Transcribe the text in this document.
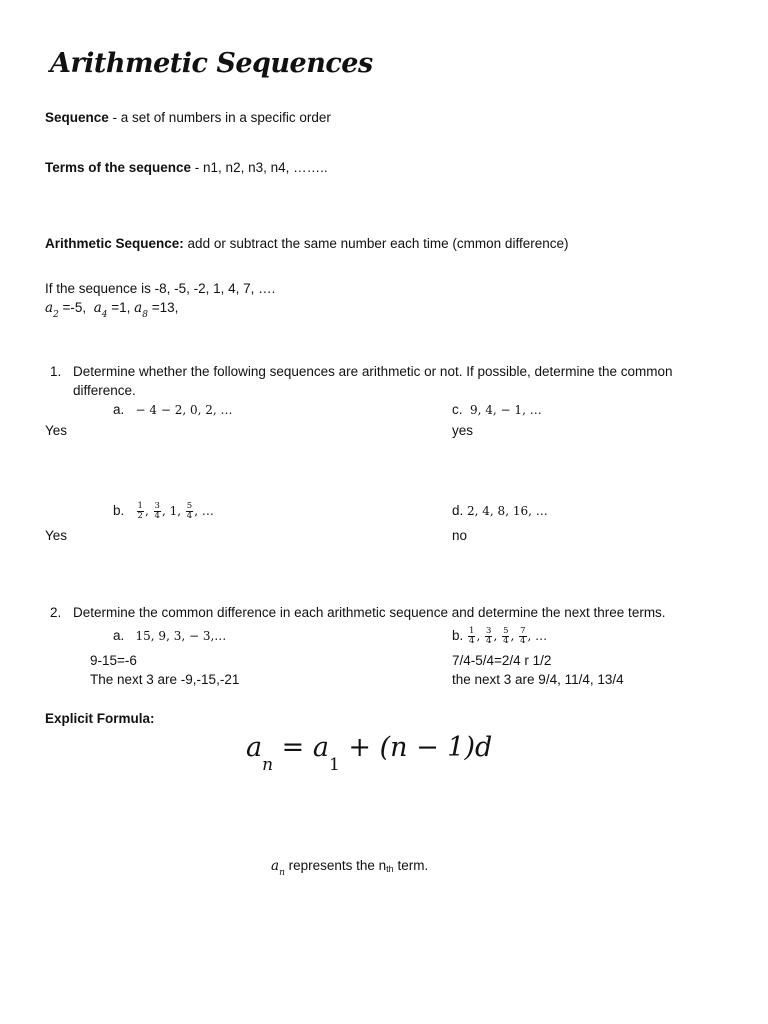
Arithmetic Sequences
Sequence - a set of numbers in a specific order
Terms of the sequence - n1, n2, n3, n4, ……..
Arithmetic Sequence: add or subtract the same number each time (cmmon difference)
If the sequence is -8, -5, -2, 1, 4, 7, ….
$a_2 =-5$, $a_4 =1$, $a_8 =13$,
1. Determine whether the following sequences are arithmetic or not. If possible, determine the common
difference.
a. − 4 − 2, 0, 2, …
Yes
c. 9, 4, − 1, …
yes
b. $\frac{1}{2}$ , $\frac{3}{4}$ , 1, $\frac{5}{4}$ , …
Yes
d. 2, 4, 8, 16, …
no
2. Determine the common difference in each arithmetic sequence and determine the next three terms.
a. 15, 9, 3, − 3,…
9-15=-6
The next 3 are -9,-15,-21
b. $\frac{1}{4}$ , $\frac{3}{4}$ , $\frac{5}{4}$ , $\frac{7}{4}$ , …
7/4-5/4=2/4 r 1/2
the next 3 are 9/4, 11/4, 13/4
Explicit Formula:
$a_n = a_1 + (n - 1)d$
$a_n$ represents the nth term.
